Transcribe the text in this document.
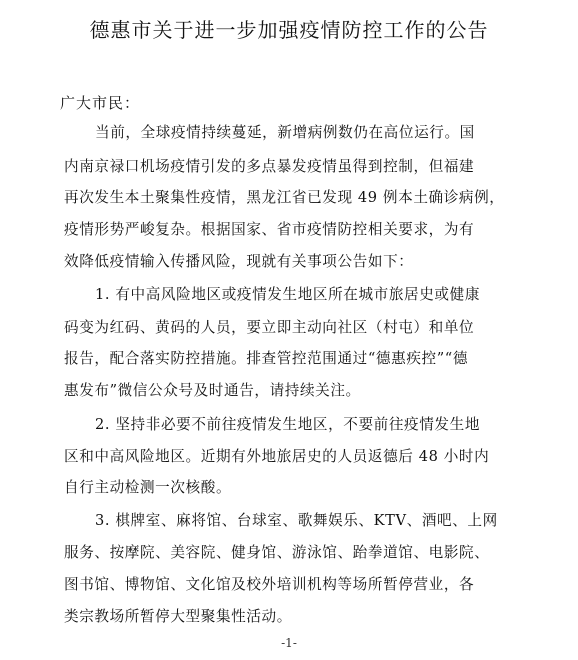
德惠市关于进一步加强疫情防控工作的公告
广大市民：
当前，全球疫情持续蔓延，新增病例数仍在高位运行。国
内南京禄口机场疫情引发的多点暴发疫情虽得到控制，但福建
再次发生本土聚集性疫情，黑龙江省已发现 49 例本土确诊病例，
疫情形势严峻复杂。根据国家、省市疫情防控相关要求，为有
效降低疫情输入传播风险，现就有关事项公告如下：
1. 有中高风险地区或疫情发生地区所在城市旅居史或健康
码变为红码、黄码的人员，要立即主动向社区（村屯）和单位
报告，配合落实防控措施。排查管控范围通过“德惠疾控”“德
惠发布”微信公众号及时通告，请持续关注。
2. 坚持非必要不前往疫情发生地区，不要前往疫情发生地
区和中高风险地区。近期有外地旅居史的人员返德后 48 小时内
自行主动检测一次核酸。
3. 棋牌室、麻将馆、台球室、歌舞娱乐、KTV、酒吧、上网
服务、按摩院、美容院、健身馆、游泳馆、跆拳道馆、电影院、
图书馆、博物馆、文化馆及校外培训机构等场所暂停营业，各
类宗教场所暂停大型聚集性活动。
-1-
